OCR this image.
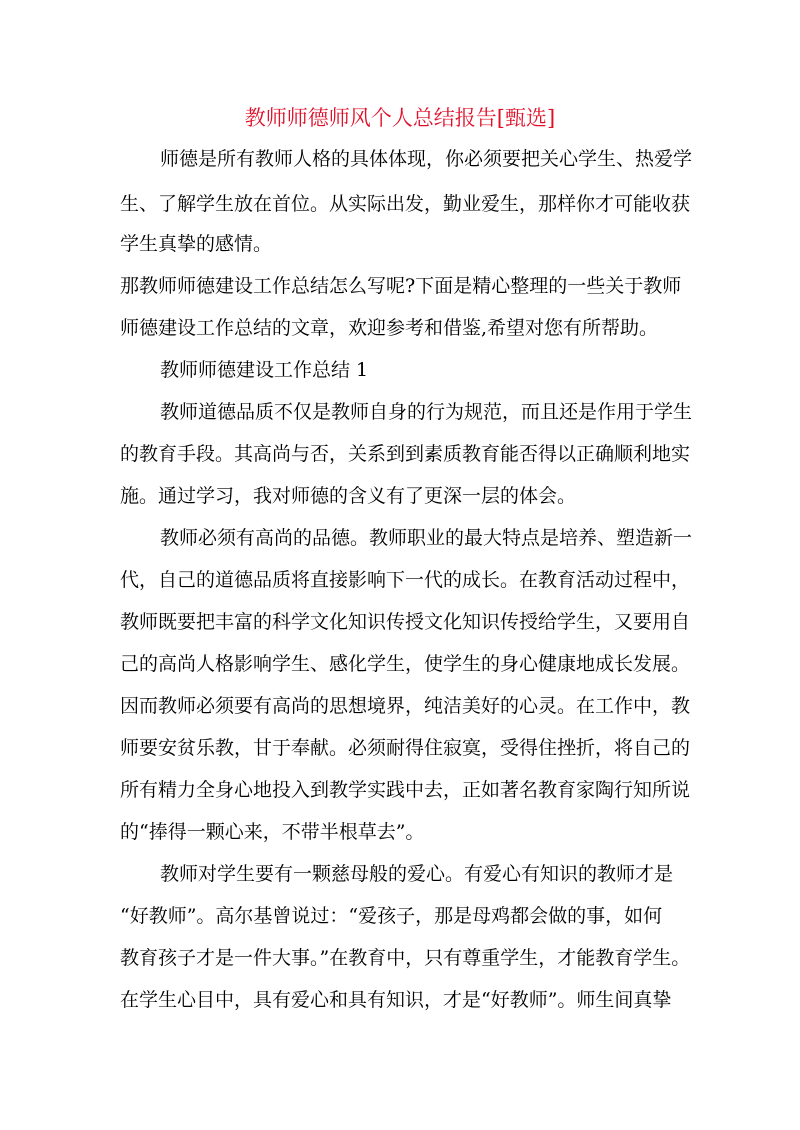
教师师德师风个人总结报告[甄选]
师德是所有教师人格的具体体现，你必须要把关心学生、热爱学
生、了解学生放在首位。从实际出发，勤业爱生，那样你才可能收获
学生真挚的感情。
那教师师德建设工作总结怎么写呢?下面是精心整理的一些关于教师
师德建设工作总结的文章，欢迎参考和借鉴,希望对您有所帮助。
教师师德建设工作总结 1
教师道德品质不仅是教师自身的行为规范，而且还是作用于学生
的教育手段。其高尚与否，关系到到素质教育能否得以正确顺利地实
施。通过学习，我对师德的含义有了更深一层的体会。
教师必须有高尚的品德。教师职业的最大特点是培养、塑造新一
代，自己的道德品质将直接影响下一代的成长。在教育活动过程中，
教师既要把丰富的科学文化知识传授文化知识传授给学生，又要用自
己的高尚人格影响学生、感化学生，使学生的身心健康地成长发展。
因而教师必须要有高尚的思想境界，纯洁美好的心灵。在工作中，教
师要安贫乐教，甘于奉献。必须耐得住寂寞，受得住挫折，将自己的
所有精力全身心地投入到教学实践中去，正如著名教育家陶行知所说
的“捧得一颗心来，不带半根草去”。
教师对学生要有一颗慈母般的爱心。有爱心有知识的教师才是
“好教师”。高尔基曾说过：“爱孩子，那是母鸡都会做的事，如何
教育孩子才是一件大事。”在教育中，只有尊重学生，才能教育学生。
在学生心目中，具有爱心和具有知识，才是“好教师”。师生间真挚
